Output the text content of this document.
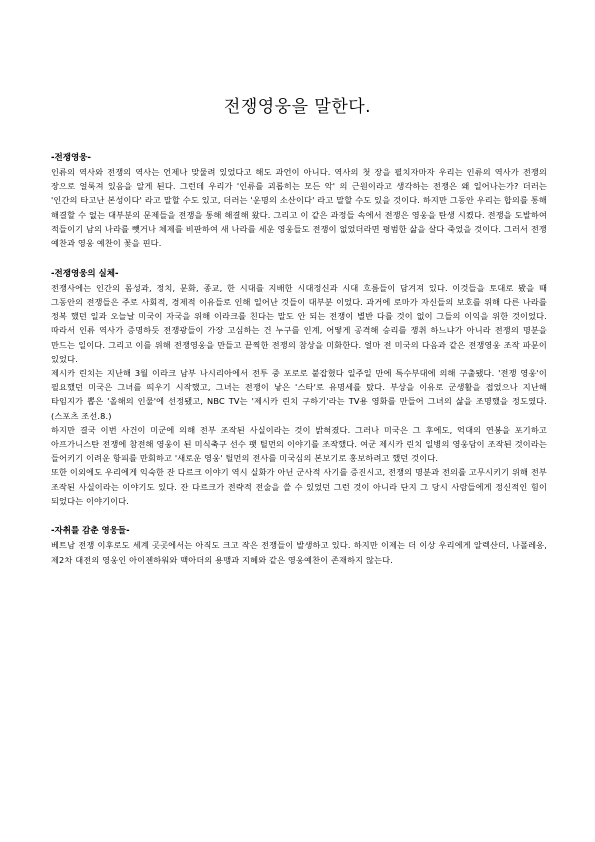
전쟁영웅을 말한다.

-전쟁영웅-

인류의 역사와 전쟁의 역사는 언제나 맞물려 있었다고 해도 과언이 아니다. 역사의 첫 장을 펼치자마자 우리는 인류의 역사가 전쟁의 장으로 얼룩져 있음을 알게 된다. 그런데 우리가 '인류를 괴롭히는 모든 악' 의 근원이라고 생각하는 전쟁은 왜 일어나는가? 더러는 '인간의 타고난 본성이다' 라고 말할 수도 있고, 더러는 '운명의 소산이다' 라고 말할 수도 있을 것이다. 하지만 그동안 우리는 합의를 통해 해결할 수 없는 대부분의 문제들을 전쟁을 통해 해결해 왔다. 그리고 이 같은 과정들 속에서 전쟁은 영웅을 탄생 시켰다. 전쟁을 도발하여 적들이기 남의 나라를 뺏거나 체제를 비판하여 새 나라를 세운 영웅들도 전쟁이 없었더라면 평범한 삶을 살다 죽었을 것이다. 그러서 전쟁 예찬과 영웅 예찬이 꽃을 핀다.

-전쟁영웅의 실체-

전쟁사에는 인간의 몸성과, 정치, 문화, 종교, 한 시대를 지배한 시대정신과 시대 흐름들이 담겨져 있다. 이것들을 토대로 봤을 때 그동안의 전쟁들은 주로 사회적, 경제적 이유들로 인해 일어난 것들이 대부분 이었다. 과거에 로마가 자신들의 보호를 위해 다른 나라를 정복 했던 일과 오늘날 미국이 자국을 위해 이라크를 친다는 말도 안 되는 전쟁이 별반 다를 것이 없이 그들의 이익을 위한 것이었다. 따라서 인류 역사가 증명하듯 전쟁광들이 가장 고심하는 건 누구를 인계, 어떻게 공격해 승리를 쟁취 하느냐가 아니라 전쟁의 명분을 만드는 일이다. 그리고 이를 위해 전쟁영웅을 만들고 끝찍한 전쟁의 참상을 미화한다. 얼마 전 미국의 다음과 같은 전쟁영웅 조작 파문이 있었다.

제시카 린치는 지난해 3월 이라크 남부 나시리아에서 전투 중 포로로 붙잡혔다 일주일 만에 특수부대에 의해 구출됐다. '전쟁 영웅'이 필요했던 미국은 그녀를 띄우기 시작했고, 그녀는 전쟁이 낳은 '스타'로 유명세를 탔다. 부상을 이유로 군생활을 접었으나 지난해 타임지가 뽑은 '올해의 인물'에 선정됐고, NBC TV는 '제시카 린치 구하기'라는 TV용 영화를 만들어 그녀의 삶을 조명했을 정도였다. (스포츠 조선.8.)

하지만 결국 이번 사건이 미군에 의해 전부 조작된 사실이라는 것이 밝혀졌다. 그러나 미국은 그 후에도, 억대의 연봉을 포기하고 아프가니스탄 전쟁에 참전해 영웅이 된 미식축구 선수 팻 틸먼의 이야기를 조작했다. 여군 제시카 린치 일병의 영웅담이 조작된 것이라는 들어키기 이려운 항피를 만회하고 '새로운 영웅' 틸먼의 전사를 미국심의 본보기로 홍보하려고 했던 것이다.

또한 이외에도 우리에게 익숙한 잔 다르크 이야기 역시 실화가 아닌 군사적 사기를 증진시고, 전쟁의 명분과 전의를 고무시키기 위해 전부 조작된 사실이라는 이야기도 있다. 잔 다르크가 전략적 전술을 쓸 수 있었던 그런 것이 아니라 단지 그 당시 사람들에게 정신적인 힘이 되었다는 이야기이다.

-자취를 감춘 영웅들-

베트남 전쟁 이후로도 세계 곳곳에서는 아직도 크고 작은 전쟁들이 발생하고 있다. 하지만 이제는 더 이상 우리에게 알렉산더, 나폴레옹, 제2차 대전의 영웅인 아이젠하워와 맥아더의 용맹과 지혜와 같은 영웅예찬이 존재하지 않는다.
